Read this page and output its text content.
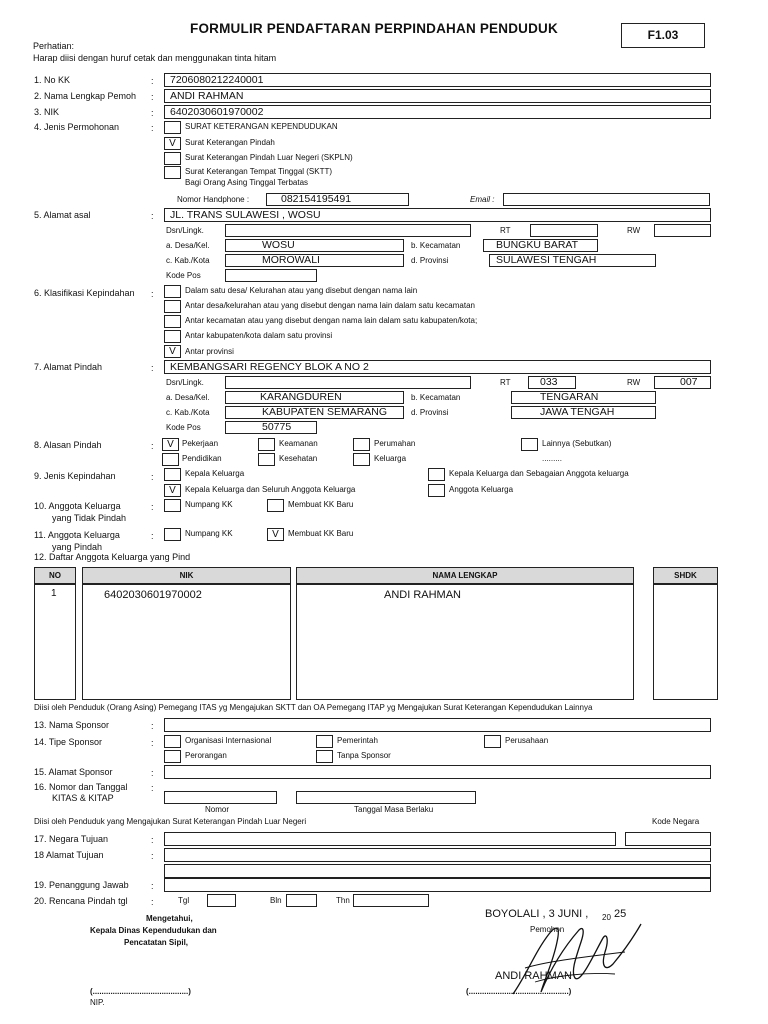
FORMULIR PENDAFTARAN PERPINDAHAN PENDUDUK	F1.03
Perhatian:
Harap diisi dengan huruf cetak dan menggunakan tinta hitam
1. No KK	: 7206080212240001
2. Nama Lengkap Pemoh : ANDI RAHMAN
3. NIK	: 6402030601970002
4. Jenis Permohonan	:	SURAT KETERANGAN KEPENDUDUKAN
V	Surat Keterangan Pindah
Surat Keterangan Pindah Luar Negeri (SKPLN)
Surat Keterangan Tempat Tinggal (SKTT)
Bagi Orang Asing Tinggal Terbatas
Nomor Handphone :	082154195491	Email :
5. Alamat asal	: JL. TRANS SULAWESI , WOSU
Dsn/Lingk.	RT	RW
a. Desa/Kel.	WOSU	b. Kecamatan	BUNGKU BARAT
c. Kab./Kota	MOROWALI	d. Provinsi	SULAWESI TENGAH
Kode Pos
6. Klasifikasi Kepindahan :	Dalam satu desa/ Kelurahan atau yang disebut dengan nama lain
Antar desa/kelurahan atau yang disebut dengan nama lain dalam satu kecamatan
Antar kecamatan atau yang disebut dengan nama lain dalam satu kabupaten/kota;
Antar kabupaten/kota dalam satu provinsi
V	Antar provinsi
7. Alamat Pindah	: KEMBANGSARI REGENCY BLOK A NO 2
Dsn/Lingk.	RT	033	RW	007
a. Desa/Kel.	KARANGDUREN	b. Kecamatan	TENGARAN
c. Kab./Kota	KABUPATEN SEMARANG	d. Provinsi	JAWA TENGAH
Kode Pos	50775
8. Alasan Pindah	:	V	Pekerjaan	Keamanan	Perumahan	Lainnya (Sebutkan)
Pendidikan	Kesehatan	Keluarga	.........
9. Jenis Kepindahan	:	Kepala Keluarga	Kepala Keluarga dan Sebagaian Anggota keluarga
V	Kepala Keluarga dan Seluruh Anggota Keluarga	Anggota Keluarga
10. Anggota Keluarga
yang Tidak Pindah
:	Numpang KK	Membuat KK Baru
11. Anggota Keluarga
yang Pindah
:	Numpang KK	V	Membuat KK Baru
12. Daftar Anggota Keluarga yang Pind
NO	NIK	NAMA LENGKAP	SHDK
1	6402030601970002	ANDI RAHMAN
Diisi oleh Penduduk (Orang Asing) Pemegang ITAS yg Mengajukan SKTT dan OA Pemegang ITAP yg Mengajukan Surat Keterangan Kependudukan Lainnya
13. Nama Sponsor	:
14. Tipe Sponsor	:	Organisasi Internasional	Pemerintah	Perusahaan
Perorangan	Tanpa Sponsor
15. Alamat Sponsor	:
16. Nomor dan Tanggal
KITAS & KITAP
:
Nomor	Tanggal Masa Berlaku
Diisi oleh Penduduk yang Mengajukan Surat Keterangan Pindah Luar Negeri	Kode Negara
17. Negara Tujuan	:
18 Alamat Tujuan	:
19. Penanggung Jawab :
20. Rencana Pindah tgl	:	Tgl	Bln	Thn
Mengetahui,
Kepala Dinas Kependudukan dan
Pencatatan Sipil,
(...........................................)
NIP.
BOYOLALI , 3 JUNI , 20 25
Pemohon
ANDI RAHMAN
(.............................................)
